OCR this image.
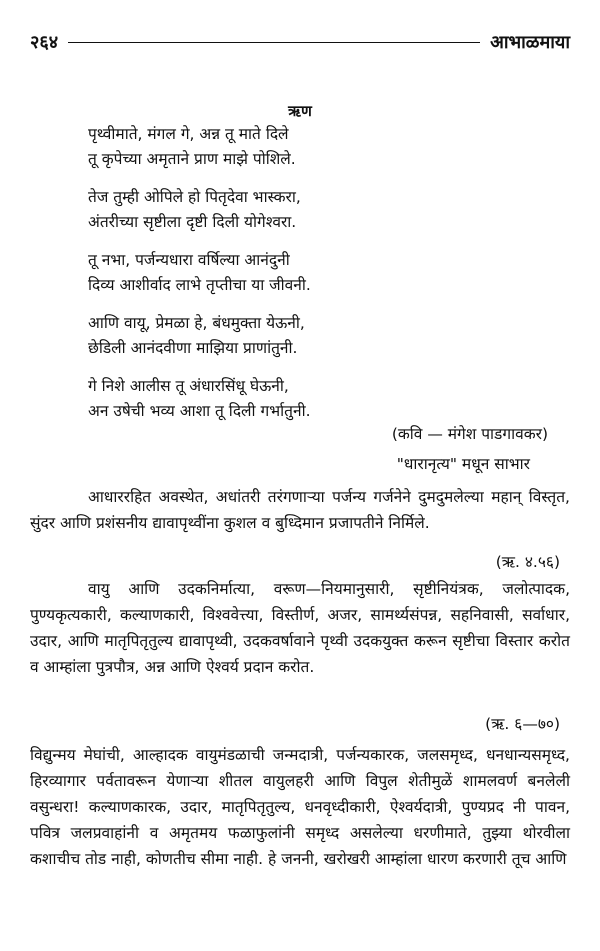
२६४	आभाळमाया
ऋण
पृथ्वीमाते, मंगल गे, अन्न तू माते दिले
तू कृपेच्या अमृताने प्राण माझे पोशिले.
तेज तुम्ही ओपिले हो पितृदेवा भास्करा,
अंतरीच्या सृष्टीला दृष्टी दिली योगेश्वरा.
तू नभा, पर्जन्यधारा वर्षिल्या आनंदुनी
दिव्य आशीर्वाद लाभे तृप्तीचा या जीवनी.
आणि वायू, प्रेमळा हे, बंधमुक्ता येऊनी,
छेडिली आनंदवीणा माझिया प्राणांतुनी.
गे निशे आलीस तू अंधारसिंधू घेऊनी,
अन उषेची भव्य आशा तू दिली गर्भातुनी.
(कवि — मंगेश पाडगावकर)
"धारानृत्य" मधून साभार
आधाररहित अवस्थेत, अधांतरी तरंगणाऱ्या पर्जन्य गर्जनेने दुमदुमलेल्या महान् विस्तृत, सुंदर आणि प्रशंसनीय द्यावापृथ्वींना कुशल व बुध्दिमान प्रजापतीने निर्मिले.
(ऋ. ४.५६)
वायु आणि उदकनिर्मात्या, वरूण—नियमानुसारी, सृष्टीनियंत्रक, जलोत्पादक, पुण्यकृत्यकारी, कल्याणकारी, विश्ववेत्त्या, विस्तीर्ण, अजर, सामर्थ्यसंपन्न, सहनिवासी, सर्वाधार, उदार, आणि मातृपितृतुल्य द्यावापृथ्वी, उदकवर्षावाने पृथ्वी उदकयुक्त करून सृष्टीचा विस्तार करोत व आम्हांला पुत्रपौत्र, अन्न आणि ऐश्वर्य प्रदान करोत.
(ऋ. ६—७०)
विद्युन्मय मेघांची, आल्हादक वायुमंडळाची जन्मदात्री, पर्जन्यकारक, जलसमृध्द, धनधान्यसमृध्द, हिरव्यागार पर्वतावरून येणाऱ्या शीतल वायुलहरी आणि विपुल शेतीमुळें शामलवर्ण बनलेली वसुन्धरा! कल्याणकारक, उदार, मातृपितृतुल्य, धनवृध्दीकारी, ऐश्वर्यदात्री, पुण्यप्रद नी पावन, पवित्र जलप्रवाहांनी व अमृतमय फळाफुलांनी समृध्द असलेल्या धरणीमाते, तुझ्या थोरवीला कशाचीच तोड नाही, कोणतीच सीमा नाही. हे जननी, खरोखरी आम्हांला धारण करणारी तूच आणि
